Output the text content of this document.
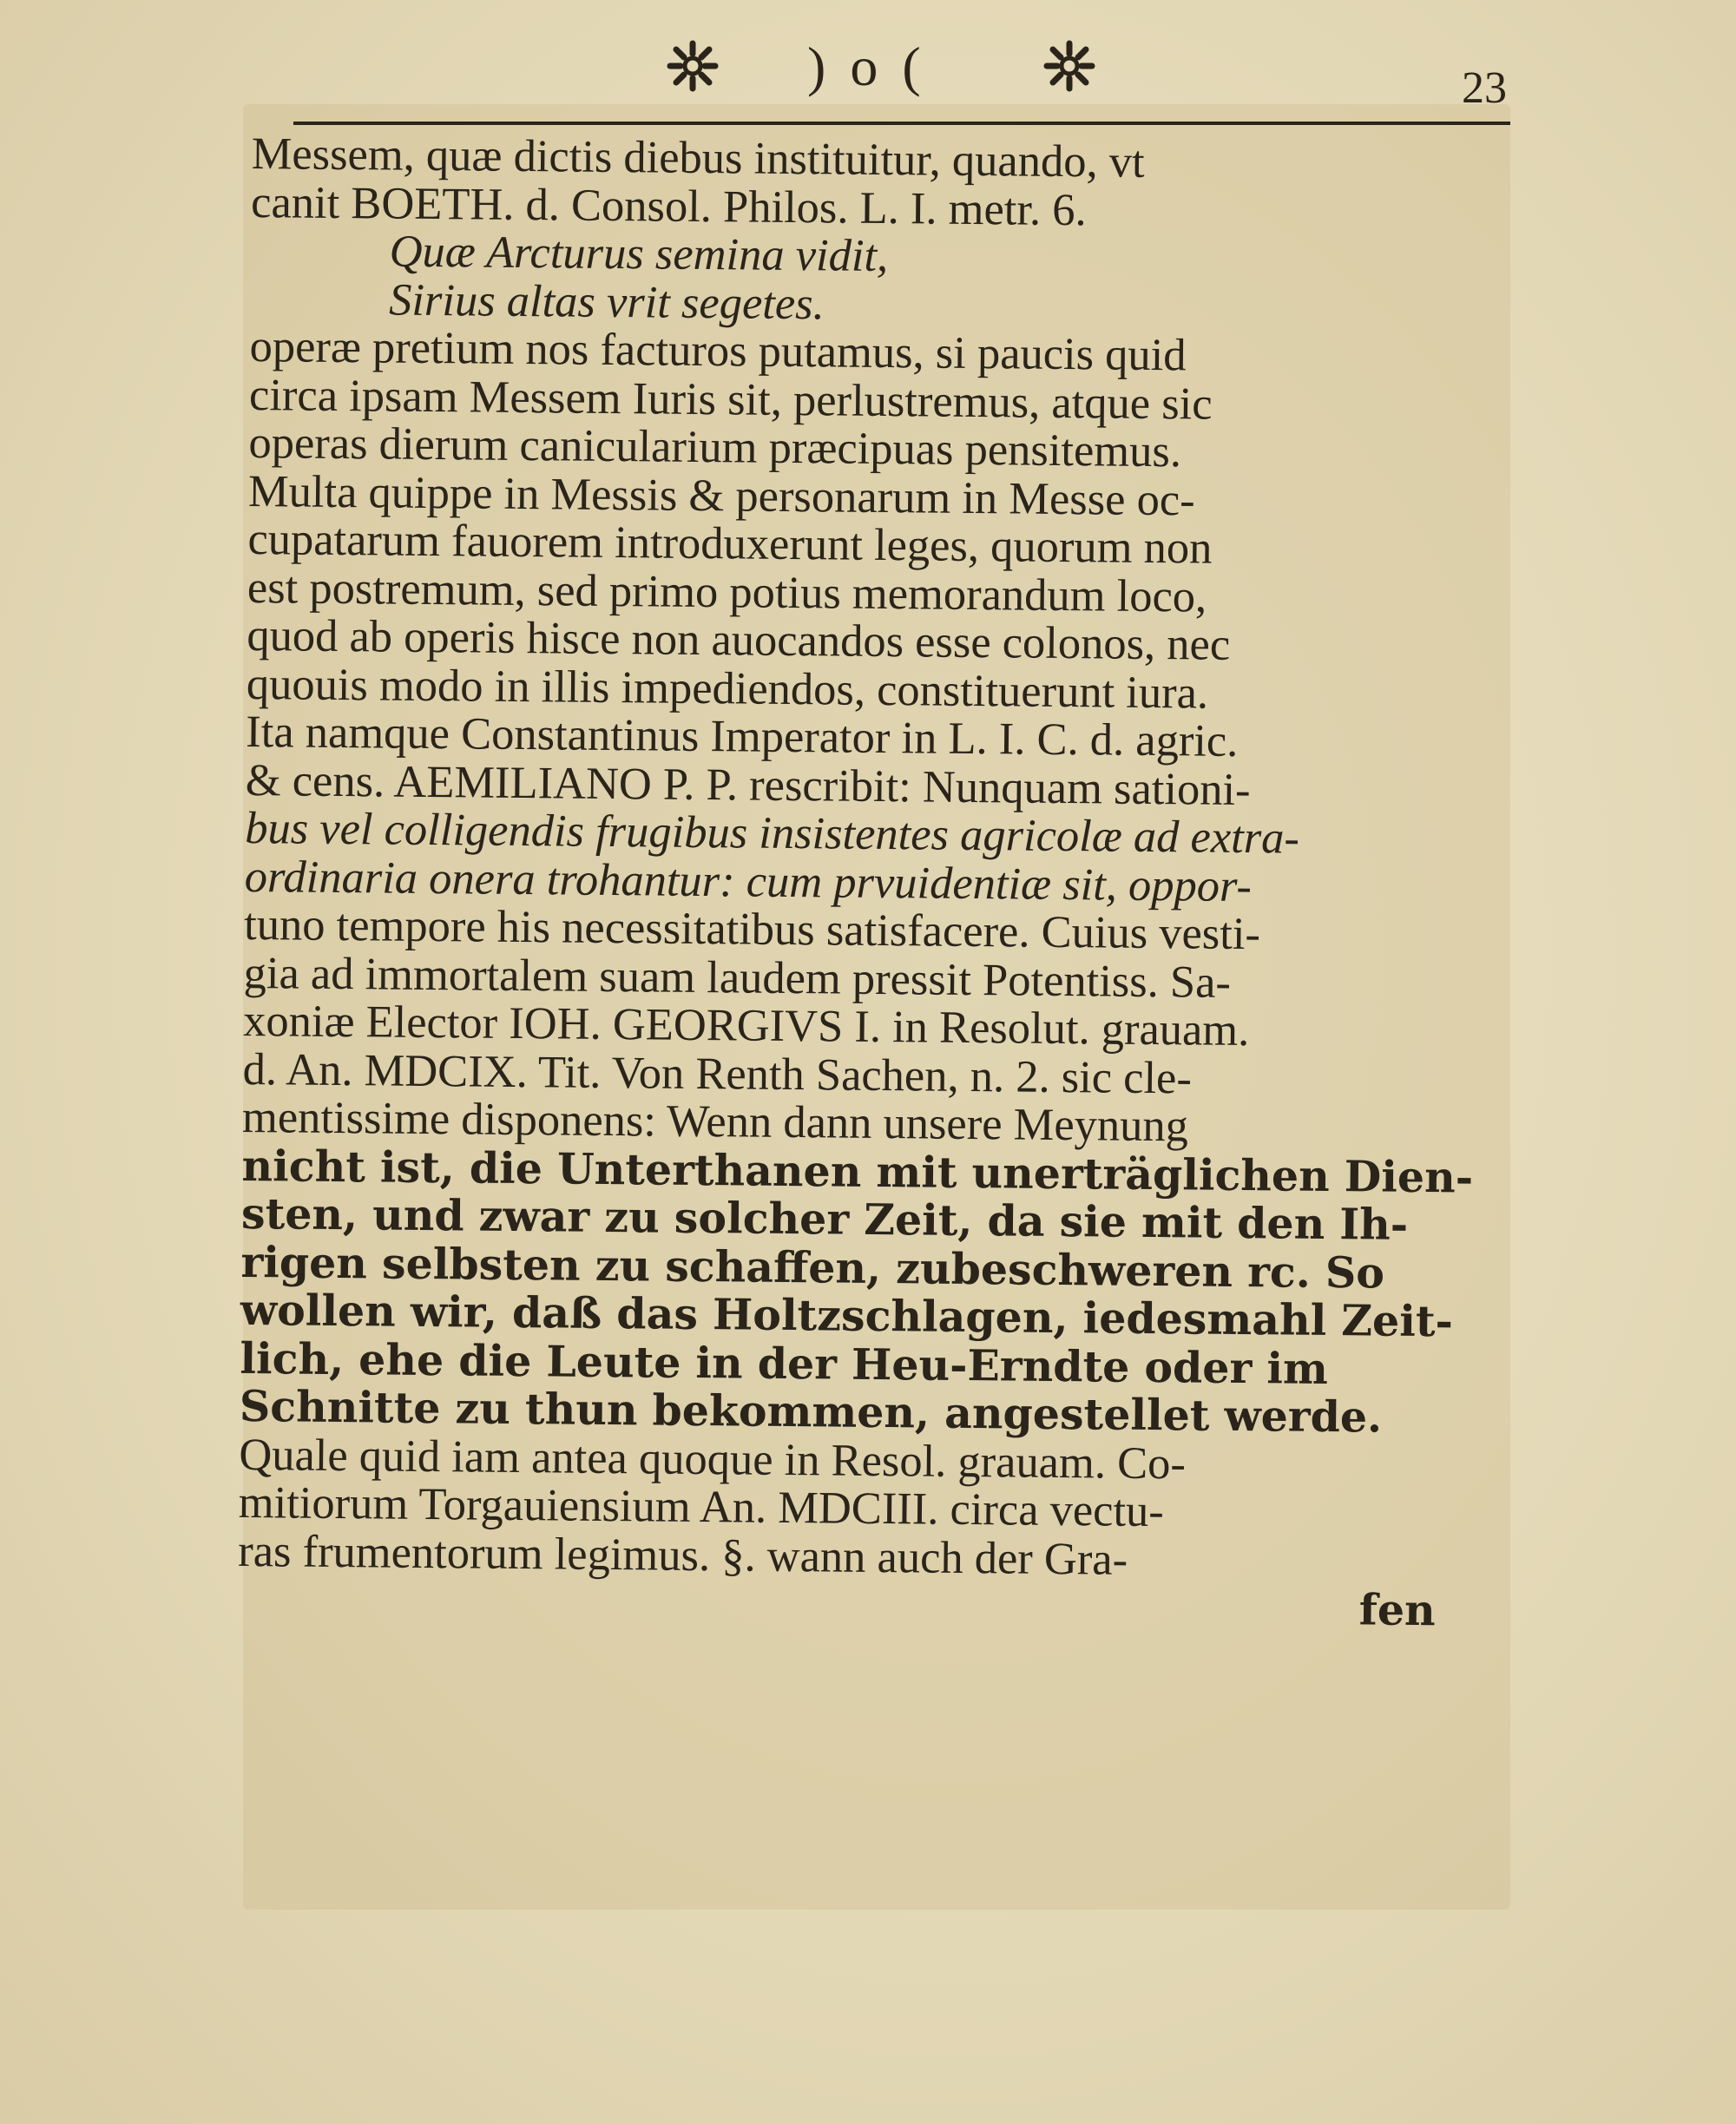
)o(	23
Messem, quæ dictis diebus instituitur, quando, vt
canit BOETH. d. Consol. Philos. L. I. metr. 6.
Quæ Arcturus semina vidit,
Sirius altas vrit segetes.
operæ pretium nos facturos putamus, si paucis quid
circa ipsam Messem Iuris sit, perlustremus, atque sic
operas dierum canicularium præcipuas pensitemus.
Multa quippe in Messis & personarum in Messe oc-
cupatarum fauorem introduxerunt leges, quorum non
est postremum, sed primo potius memorandum loco,
quod ab operis hisce non auocandos esse colonos, nec
quouis modo in illis impediendos, constituerunt iura.
Ita namque Constantinus Imperator in L. I. C. d. agric.
& cens. AEMILIANO P. P. rescribit: Nunquam sationi-
bus vel colligendis frugibus insistentes agricolæ ad extra-
ordinaria onera trohantur: cum prvuidentiæ sit, oppor-
tuno tempore his necessitatibus satisfacere. Cuius vesti-
gia ad immortalem suam laudem pressit Potentiss. Sa-
xoniæ Elector IOH. GEORGIVS I. in Resolut. grauam.
d. An. MDCIX. Tit. Von Renth Sachen, n. 2. sic cle-
mentissime disponens: Wenn dann unsere Meynung
nicht ist, die Unterthanen mit unerträglichen Dien-
sten, und zwar zu solcher Zeit, da sie mit den Ih-
rigen selbsten zu schaffen, zubeschweren rc. So
wollen wir, daß das Holtzschlagen, iedesmahl Zeit-
lich, ehe die Leute in der Heu-Erndte oder im
Schnitte zu thun bekommen, angestellet werde.
Quale quid iam antea quoque in Resol. grauam. Co-
mitiorum Torgauiensium An. MDCIII. circa vectu-
ras frumentorum legimus. §. wann auch der Gra-
fen
